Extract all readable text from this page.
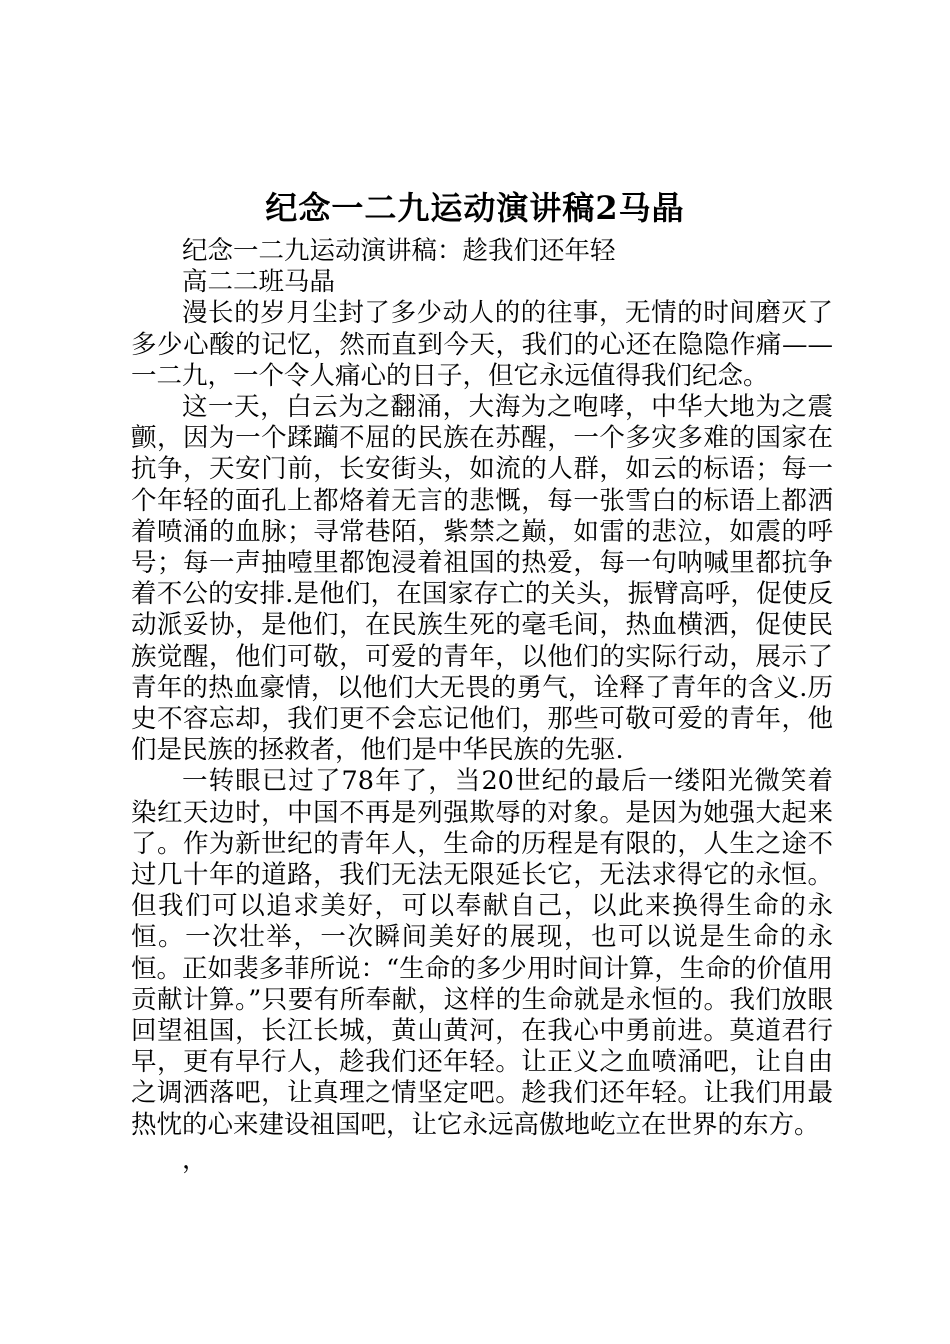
纪念一二九运动演讲稿2马晶

纪念一二九运动演讲稿：趁我们还年轻

高二二班马晶

漫长的岁月尘封了多少动人的的往事，无情的时间磨灭了多少心酸的记忆，然而直到今天，我们的心还在隐隐作痛——一二九，一个令人痛心的日子，但它永远值得我们纪念。

这一天，白云为之翻涌，大海为之咆哮，中华大地为之震颤，因为一个蹂躏不屈的民族在苏醒，一个多灾多难的国家在抗争，天安门前，长安街头，如流的人群，如云的标语；每一个年轻的面孔上都烙着无言的悲慨，每一张雪白的标语上都洒着喷涌的血脉；寻常巷陌，紫禁之巅，如雷的悲泣，如震的呼号；每一声抽噎里都饱浸着祖国的热爱，每一句呐喊里都抗争着不公的安排.是他们，在国家存亡的关头，振臂高呼，促使反动派妥协，是他们，在民族生死的毫毛间，热血横洒，促使民族觉醒，他们可敬，可爱的青年，以他们的实际行动，展示了青年的热血豪情，以他们大无畏的勇气，诠释了青年的含义.历史不容忘却，我们更不会忘记他们，那些可敬可爱的青年，他们是民族的拯救者，他们是中华民族的先驱.

一转眼已过了78年了，当20世纪的最后一缕阳光微笑着染红天边时，中国不再是列强欺辱的对象。是因为她强大起来了。作为新世纪的青年人，生命的历程是有限的，人生之途不过几十年的道路，我们无法无限延长它，无法求得它的永恒。但我们可以追求美好，可以奉献自己，以此来换得生命的永恒。一次壮举，一次瞬间美好的展现，也可以说是生命的永恒。正如裴多菲所说：“生命的多少用时间计算，生命的价值用贡献计算。”只要有所奉献，这样的生命就是永恒的。我们放眼回望祖国，长江长城，黄山黄河，在我心中勇前进。莫道君行早，更有早行人，趁我们还年轻。让正义之血喷涌吧，让自由之调洒落吧，让真理之情坚定吧。趁我们还年轻。让我们用最热忱的心来建设祖国吧，让它永远高傲地屹立在世界的东方。

，
